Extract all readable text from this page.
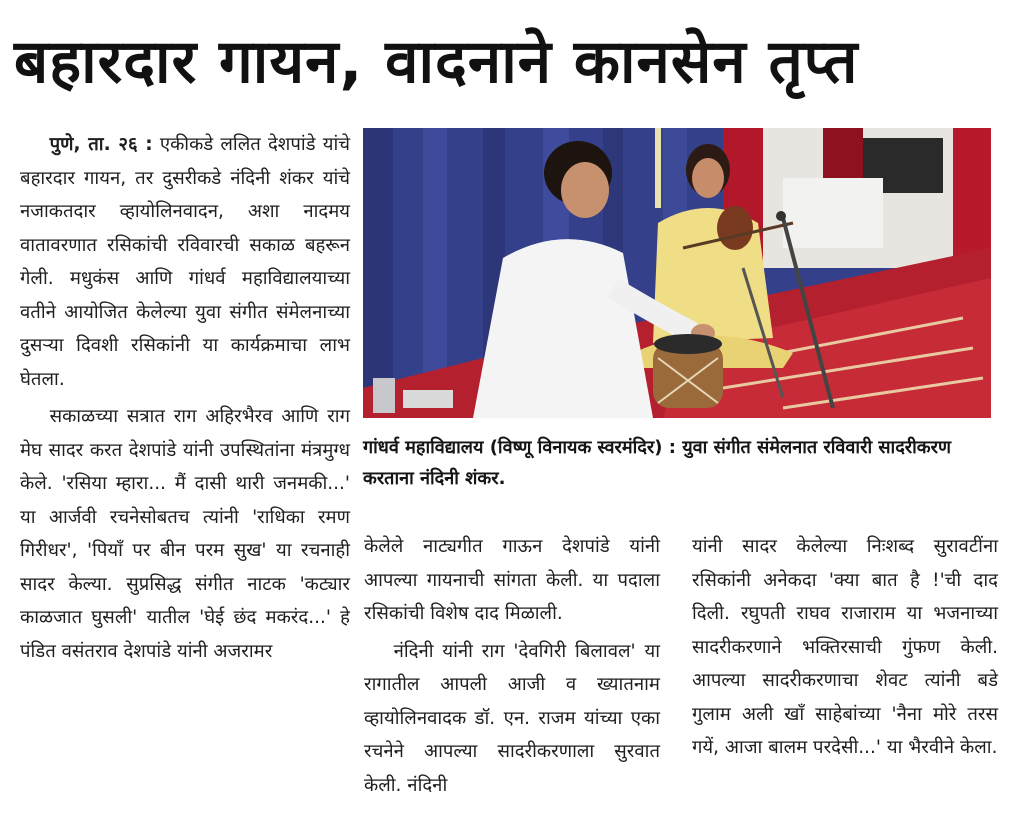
बहारदार गायन, वादनाने कानसेन तृप्त

पुणे, ता. २६ : एकीकडे ललित देशपांडे यांचे बहारदार गायन, तर दुसरीकडे नंदिनी शंकर यांचे नजाकतदार व्हायोलिनवादन, अशा नादमय वातावरणात रसिकांची रविवारची सकाळ बहरून गेली. मधुकंस आणि गांधर्व महाविद्यालयाच्या वतीने आयोजित केलेल्या युवा संगीत संमेलनाच्या दुसऱ्या दिवशी रसिकांनी या कार्यक्रमाचा लाभ घेतला.

सकाळच्या सत्रात राग अहिरभैरव आणि राग मेघ सादर करत देशपांडे यांनी उपस्थितांना मंत्रमुग्ध केले. 'रसिया म्हारा... मैं दासी थारी जनमकी...' या आर्जवी रचनेसोबतच त्यांनी 'राधिका रमण गिरीधर', 'पियाँ पर बीन परम सुख' या रचनाही सादर केल्या. सुप्रसिद्ध संगीत नाटक 'कट्यार काळजात घुसली' यातील 'घेई छंद मकरंद...' हे पंडित वसंतराव देशपांडे यांनी अजरामर

गांधर्व महाविद्यालय (विष्णू विनायक स्वरमंदिर) : युवा संगीत संमेलनात रविवारी सादरीकरण करताना नंदिनी शंकर.

केलेले नाट्यगीत गाऊन देशपांडे यांनी आपल्या गायनाची सांगता केली. या पदाला रसिकांची विशेष दाद मिळाली.

नंदिनी यांनी राग 'देवगिरी बिलावल' या रागातील आपली आजी व ख्यातनाम व्हायोलिनवादक डॉ. एन. राजम यांच्या एका रचनेने आपल्या सादरीकरणाला सुरवात केली. नंदिनी

यांनी सादर केलेल्या निःशब्द सुरावटींना रसिकांनी अनेकदा 'क्या बात है !'ची दाद दिली. रघुपती राघव राजाराम या भजनाच्या सादरीकरणाने भक्तिरसाची गुंफण केली. आपल्या सादरीकरणाचा शेवट त्यांनी बडे गुलाम अली खाँ साहेबांच्या 'नैना मोरे तरस गयें, आजा बालम परदेसी...' या भैरवीने केला.
